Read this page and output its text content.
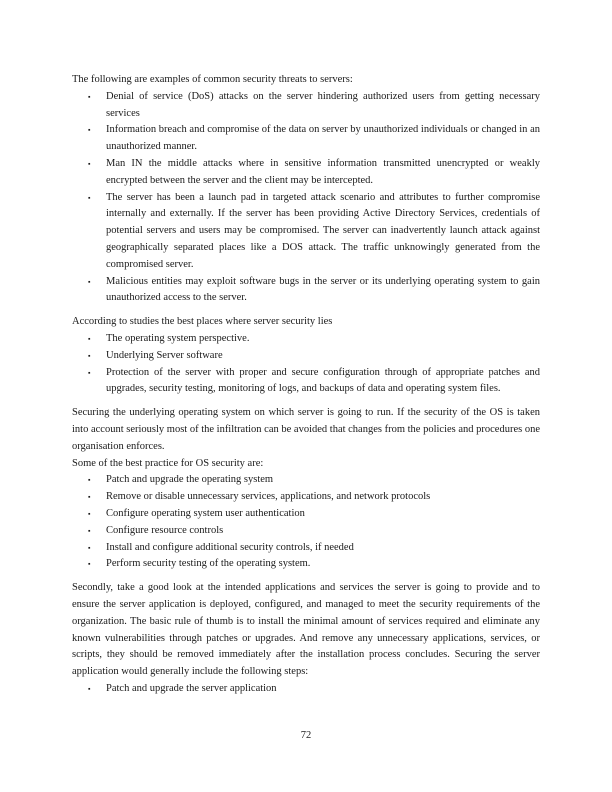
The following are examples of common security threats to servers:

▪ Denial of service (DoS) attacks on the server hindering authorized users from getting necessary services
▪ Information breach and compromise of the data on server by unauthorized individuals or changed in an unauthorized manner.
▪ Man IN the middle attacks where in sensitive information transmitted unencrypted or weakly encrypted between the server and the client may be intercepted.
▪ The server has been a launch pad in targeted attack scenario and attributes to further compromise internally and externally. If the server has been providing Active Directory Services, credentials of potential servers and users may be compromised. The server can inadvertently launch attack against geographically separated places like a DOS attack. The traffic unknowingly generated from the compromised server.
▪ Malicious entities may exploit software bugs in the server or its underlying operating system to gain unauthorized access to the server.

According to studies the best places where server security lies

▪ The operating system perspective.
▪ Underlying Server software
▪ Protection of the server with proper and secure configuration through of appropriate patches and upgrades, security testing, monitoring of logs, and backups of data and operating system files.

Securing the underlying operating system on which server is going to run. If the security of the OS is taken into account seriously most of the infiltration can be avoided that changes from the policies and procedures one organisation enforces.

Some of the best practice for OS security are:

▪ Patch and upgrade the operating system
▪ Remove or disable unnecessary services, applications, and network protocols
▪ Configure operating system user authentication
▪ Configure resource controls
▪ Install and configure additional security controls, if needed
▪ Perform security testing of the operating system.

Secondly, take a good look at the intended applications and services the server is going to provide and to ensure the server application is deployed, configured, and managed to meet the security requirements of the organization. The basic rule of thumb is to install the minimal amount of services required and eliminate any known vulnerabilities through patches or upgrades. And remove any unnecessary applications, services, or scripts, they should be removed immediately after the installation process concludes. Securing the server application would generally include the following steps:

▪ Patch and upgrade the server application
72
